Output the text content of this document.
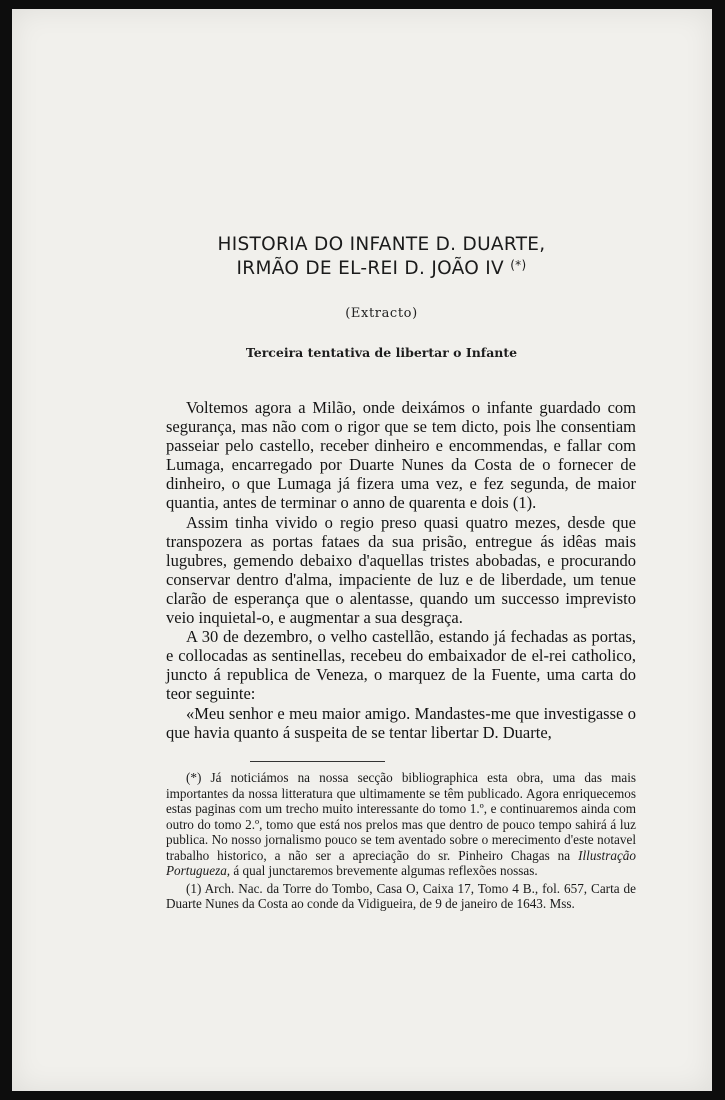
HISTORIA DO INFANTE D. DUARTE,
IRMÃO DE EL-REI D. JOÃO IV (*)
(Extracto)
Terceira tentativa de libertar o Infante

Voltemos agora a Milão, onde deixámos o infante guardado com segurança, mas não com o rigor que se tem dicto, pois lhe consentiam passeiar pelo castello, receber dinheiro e encommendas, e fallar com Lumaga, encarregado por Duarte Nunes da Costa de o fornecer de dinheiro, o que Lumaga já fizera uma vez, e fez segunda, de maior quantia, antes de terminar o anno de quarenta e dois (1).

Assim tinha vivido o regio preso quasi quatro mezes, desde que transpozera as portas fataes da sua prisão, entregue ás idêas mais lugubres, gemendo debaixo d'aquellas tristes abobadas, e procurando conservar dentro d'alma, impaciente de luz e de liberdade, um tenue clarão de esperança que o alentasse, quando um successo imprevisto veio inquietal-o, e augmentar a sua desgraça.

A 30 de dezembro, o velho castellão, estando já fechadas as portas, e collocadas as sentinellas, recebeu do embaixador de el-rei catholico, juncto á republica de Veneza, o marquez de la Fuente, uma carta do teor seguinte:

«Meu senhor e meu maior amigo. Mandastes-me que investigasse o que havia quanto á suspeita de se tentar libertar D. Duarte,

(*) Já noticiámos na nossa secção bibliographica esta obra, uma das mais importantes da nossa litteratura que ultimamente se têm publicado. Agora enriquecemos estas paginas com um trecho muito interessante do tomo 1.º, e continuaremos ainda com outro do tomo 2.º, tomo que está nos prelos mas que dentro de pouco tempo sahirá á luz publica. No nosso jornalismo pouco se tem aventado sobre o merecimento d'este notavel trabalho historico, a não ser a apreciação do sr. Pinheiro Chagas na Illustração Portugueza, á qual junctaremos brevemente algumas reflexões nossas.

(1) Arch. Nac. da Torre do Tombo, Casa O, Caixa 17, Tomo 4 B., fol. 657, Carta de Duarte Nunes da Costa ao conde da Vidigueira, de 9 de janeiro de 1643. Mss.
